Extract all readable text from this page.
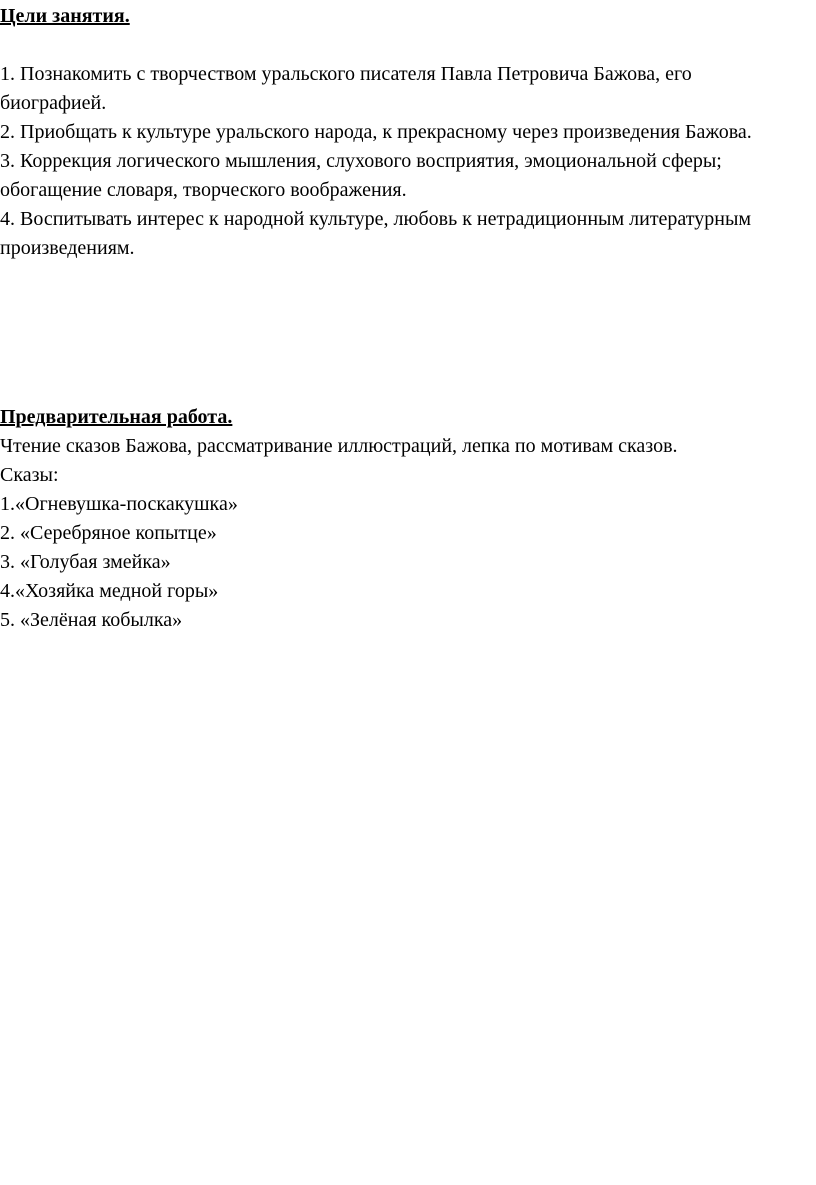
Цели занятия.

1. Познакомить с творчеством уральского писателя Павла Петровича Бажова, его биографией.

2. Приобщать к культуре уральского народа, к прекрасному через произведения Бажова.

3. Коррекция логического мышления, слухового восприятия, эмоциональной сферы; обогащение словаря, творческого воображения.

4. Воспитывать интерес к народной культуре, любовь к нетрадиционным литературным произведениям.

Предварительная работа.

Чтение сказов Бажова, рассматривание иллюстраций, лепка по мотивам сказов.

Сказы:

1.«Огневушка-поскакушка»

2. «Серебряное копытце»

3. «Голубая змейка»

4.«Хозяйка медной горы»

5. «Зелёная кобылка»
